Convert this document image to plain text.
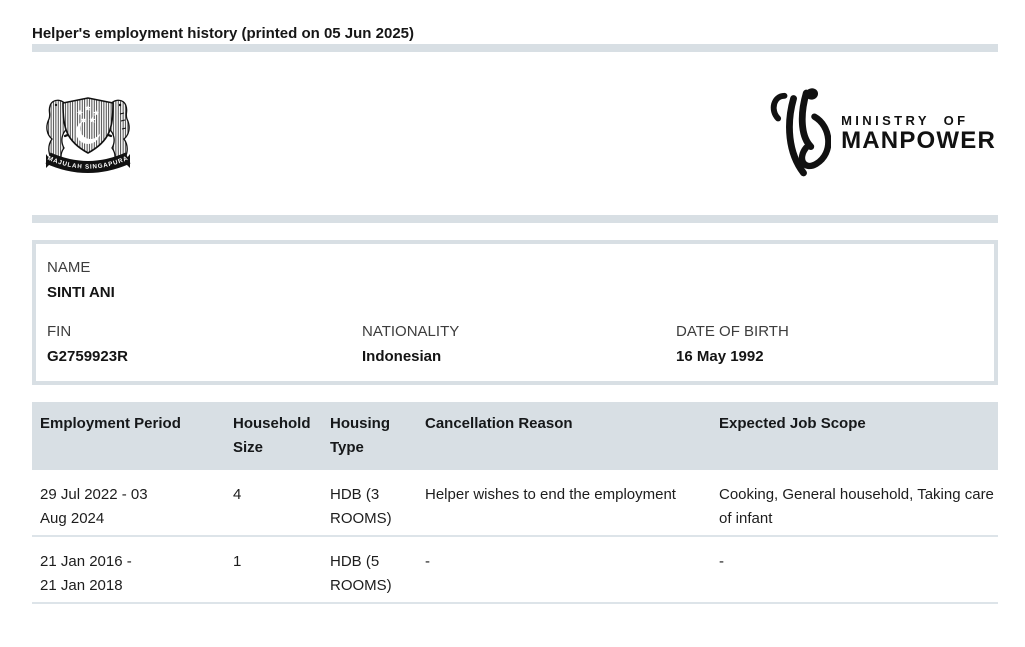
Helper's employment history (printed on 05 Jun 2025)
MAJULAH SINGAPURA
MINISTRY OF
MANPOWER
NAME
SINTI ANI
FIN
G2759923R
NATIONALITY
Indonesian
DATE OF BIRTH
16 May 1992
Employment Period	Household Size	Housing Type	Cancellation Reason	Expected Job Scope

29 Jul 2022 - 03 Aug 2024	4	HDB (3 ROOMS)	Helper wishes to end the employment	Cooking, General household, Taking care of infant

21 Jan 2016 - 21 Jan 2018	1	HDB (5 ROOMS)	-	-
